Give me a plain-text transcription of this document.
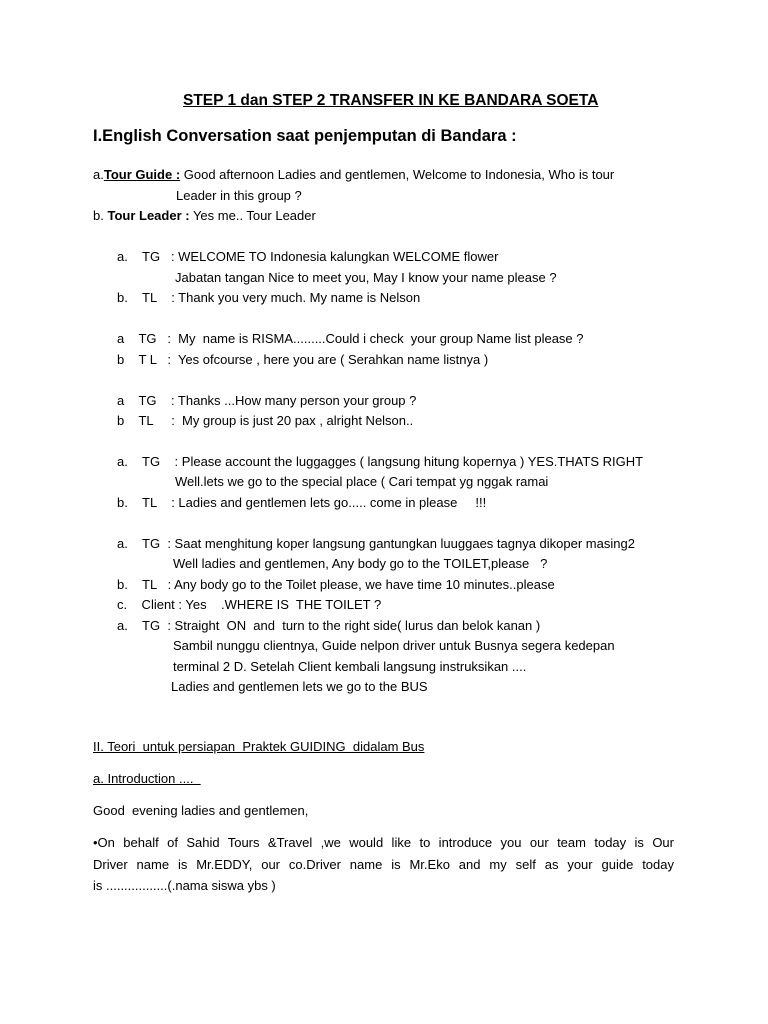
STEP 1 dan STEP 2 TRANSFER IN KE BANDARA SOETA
I.English Conversation saat penjemputan di Bandara :
a.Tour Guide : Good afternoon Ladies and gentlemen, Welcome to Indonesia, Who is tour
Leader in this group ?
b. Tour Leader : Yes me.. Tour Leader
a.    TG   : WELCOME TO Indonesia kalungkan WELCOME flower
Jabatan tangan Nice to meet you, May I know your name please ?
b.    TL    : Thank you very much. My name is Nelson
a    TG   :  My  name is RISMA.........Could i check  your group Name list please ?
b    T L   :  Yes ofcourse , here you are ( Serahkan name listnya )
a    TG    : Thanks ...How many person your group ?
b    TL     :  My group is just 20 pax , alright Nelson..
a.    TG    : Please account the luggagges ( langsung hitung kopernya ) YES.THATS RIGHT
Well.lets we go to the special place ( Cari tempat yg nggak ramai
b.    TL    : Ladies and gentlemen lets go..... come in please     !!!
a.    TG  : Saat menghitung koper langsung gantungkan luuggaes tagnya dikoper masing2
Well ladies and gentlemen, Any body go to the TOILET,please   ?
b.    TL   : Any body go to the Toilet please, we have time 10 minutes..please
c.    Client : Yes    .WHERE IS  THE TOILET ?
a.    TG  : Straight  ON  and  turn to the right side( lurus dan belok kanan )
Sambil nunggu clientnya, Guide nelpon driver untuk Busnya segera kedepan
terminal 2 D. Setelah Client kembali langsung instruksikan ....
Ladies and gentlemen lets we go to the BUS
II. Teori  untuk persiapan  Praktek GUIDING  didalam Bus
a. Introduction ....
Good  evening ladies and gentlemen,
•On behalf of Sahid Tours &Travel ,we would like to introduce you our team today is Our
Driver name is Mr.EDDY, our co.Driver name is Mr.Eko and my self as your guide today
is .................(.nama siswa ybs )
